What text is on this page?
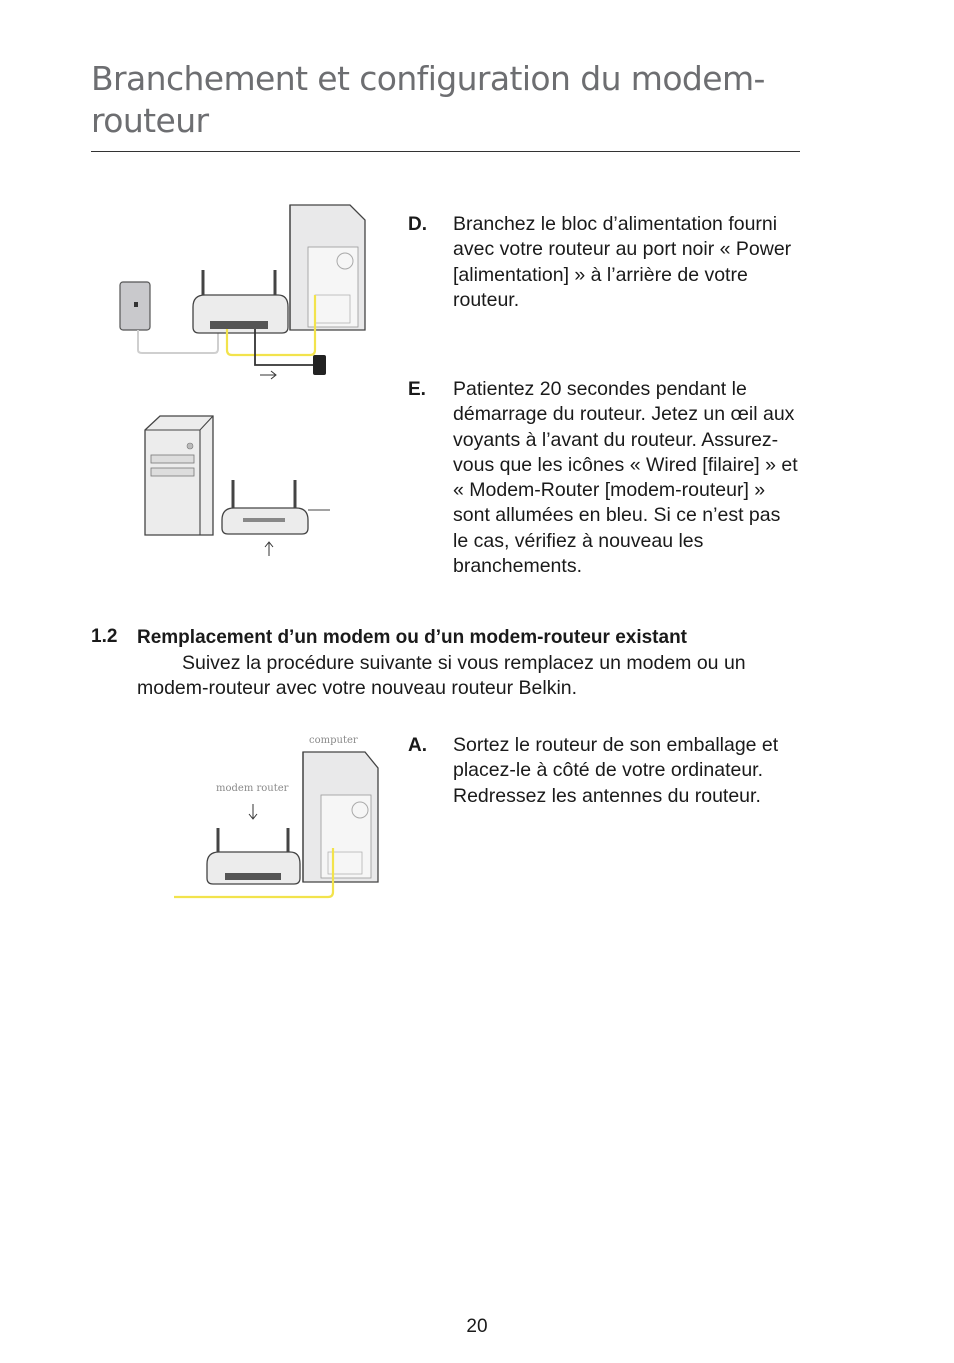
Branchement et configuration du modem-routeur
D. Branchez le bloc d’alimentation fourni avec votre routeur au port noir « Power [alimentation] » à l’arrière de votre routeur.
E. Patientez 20 secondes pendant le démarrage du routeur. Jetez un œil aux voyants à l’avant du routeur. Assurez-vous que les icônes « Wired [filaire] » et « Modem-Router [modem-routeur] » sont allumées en bleu. Si ce n’est pas le cas, vérifiez à nouveau les branchements.
1.2 Remplacement d’un modem ou d’un modem-routeur existant
Suivez la procédure suivante si vous remplacez un modem ou un modem-routeur avec votre nouveau routeur Belkin.
computer
modem router
A. Sortez le routeur de son emballage et placez-le à côté de votre ordinateur. Redressez les antennes du routeur.
20
